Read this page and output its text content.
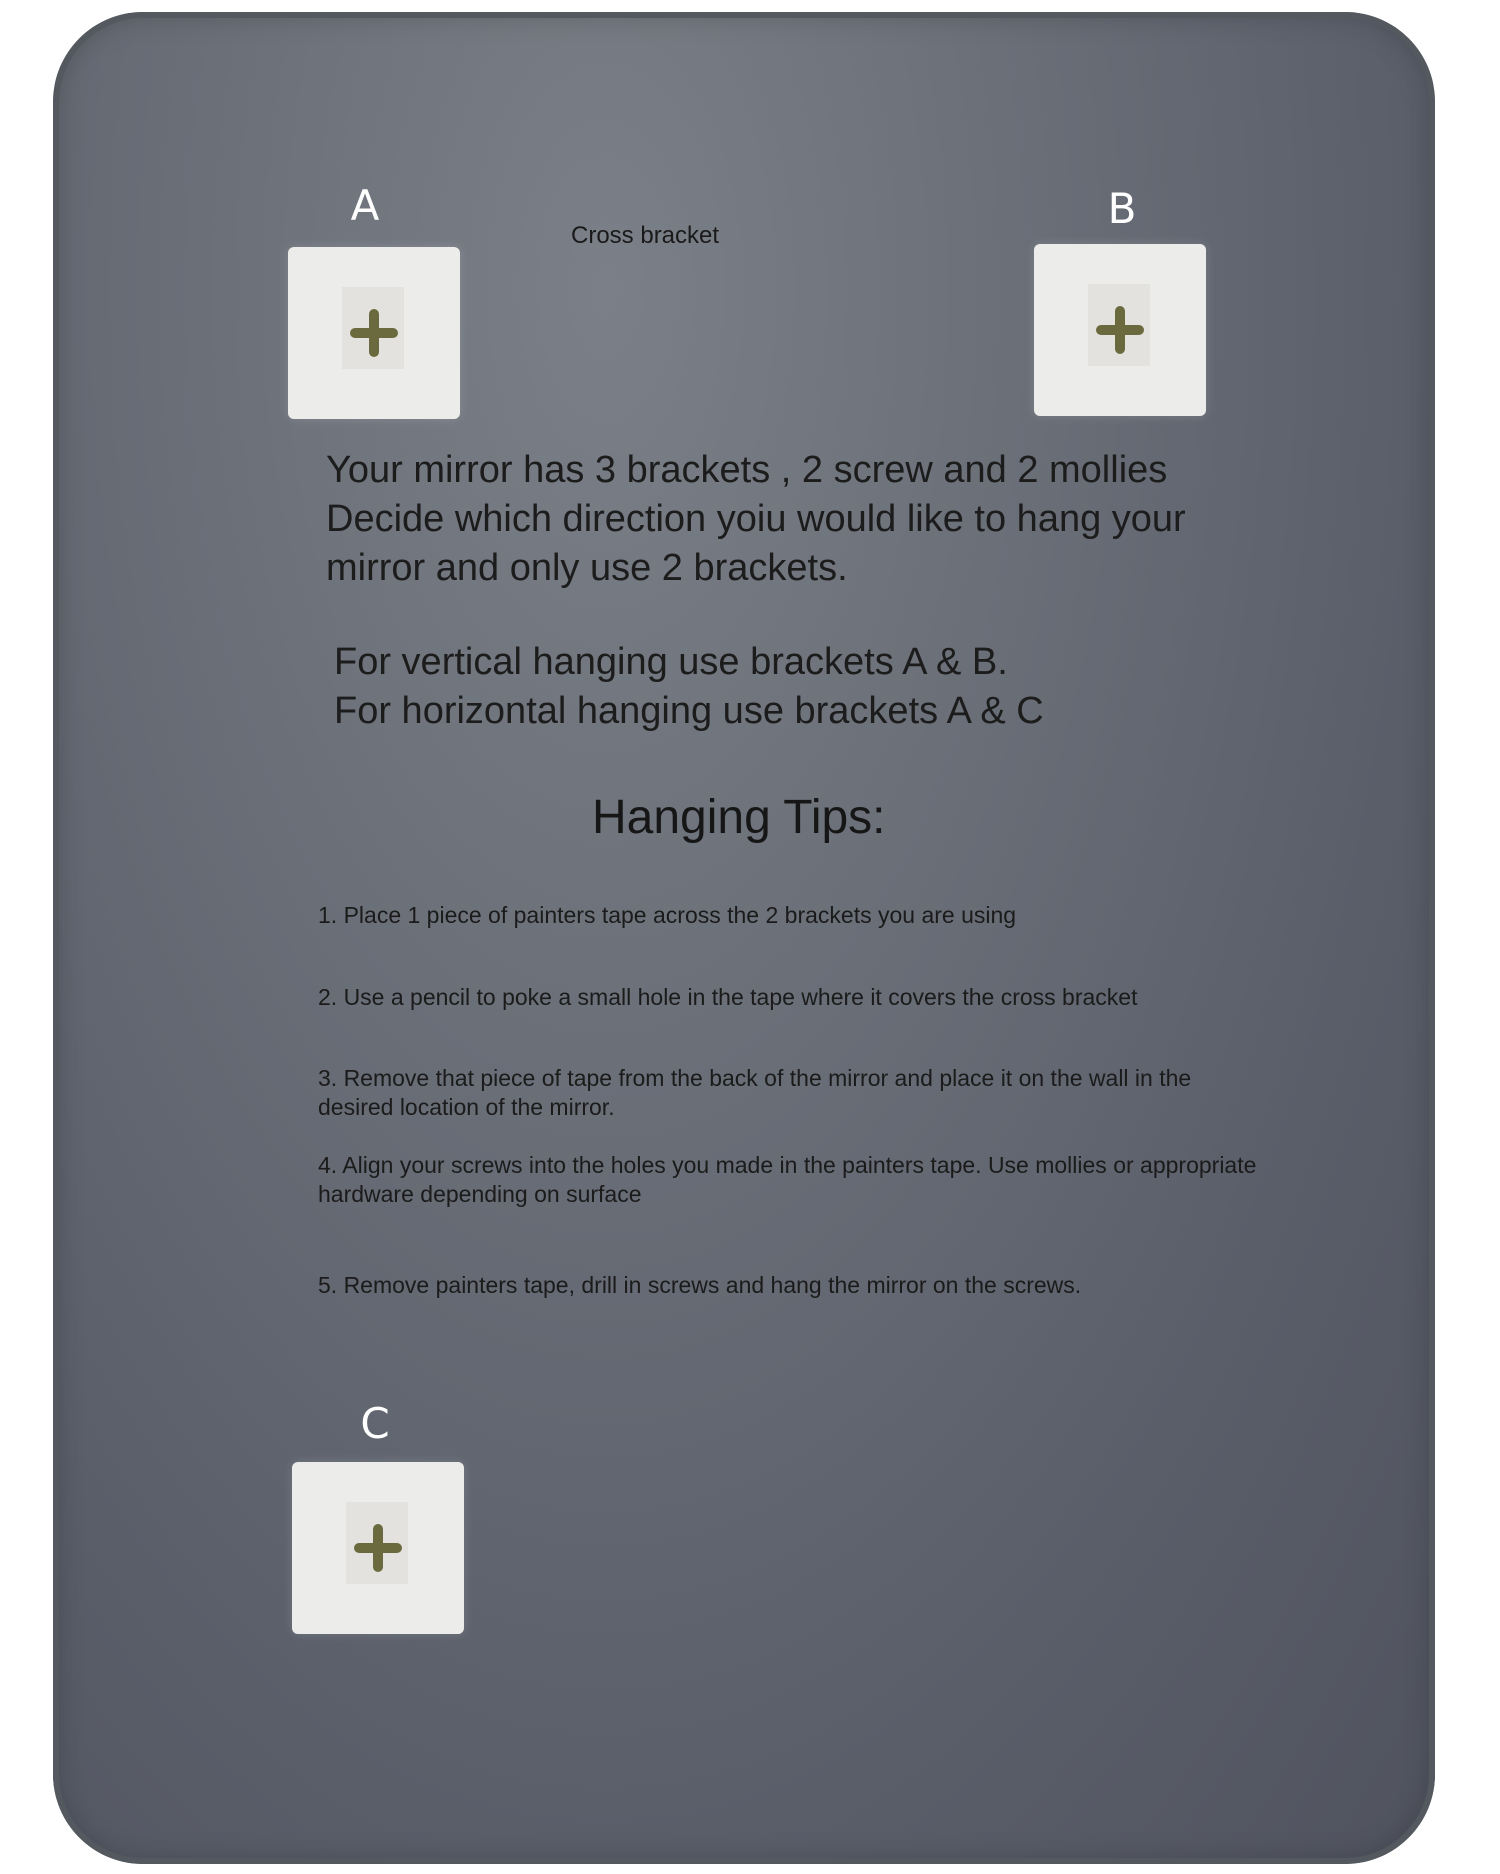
A
Cross bracket
B
Your mirror has 3 brackets , 2 screw and 2 mollies
Decide which direction yoiu would like to hang your
mirror and only use 2 brackets.
For vertical hanging use brackets A & B.
For horizontal hanging use brackets A & C
Hanging Tips:
1. Place 1 piece of painters tape across the 2 brackets you are using
2. Use a pencil to poke a small hole in the tape where it covers the cross bracket
3. Remove that piece of tape from the back of the mirror and place it on the wall in the desired location of the mirror.
4. Align your screws into the holes you made in the painters tape. Use mollies or appropriate hardware depending on surface
5. Remove painters tape, drill in screws and hang the mirror on the screws.
C
